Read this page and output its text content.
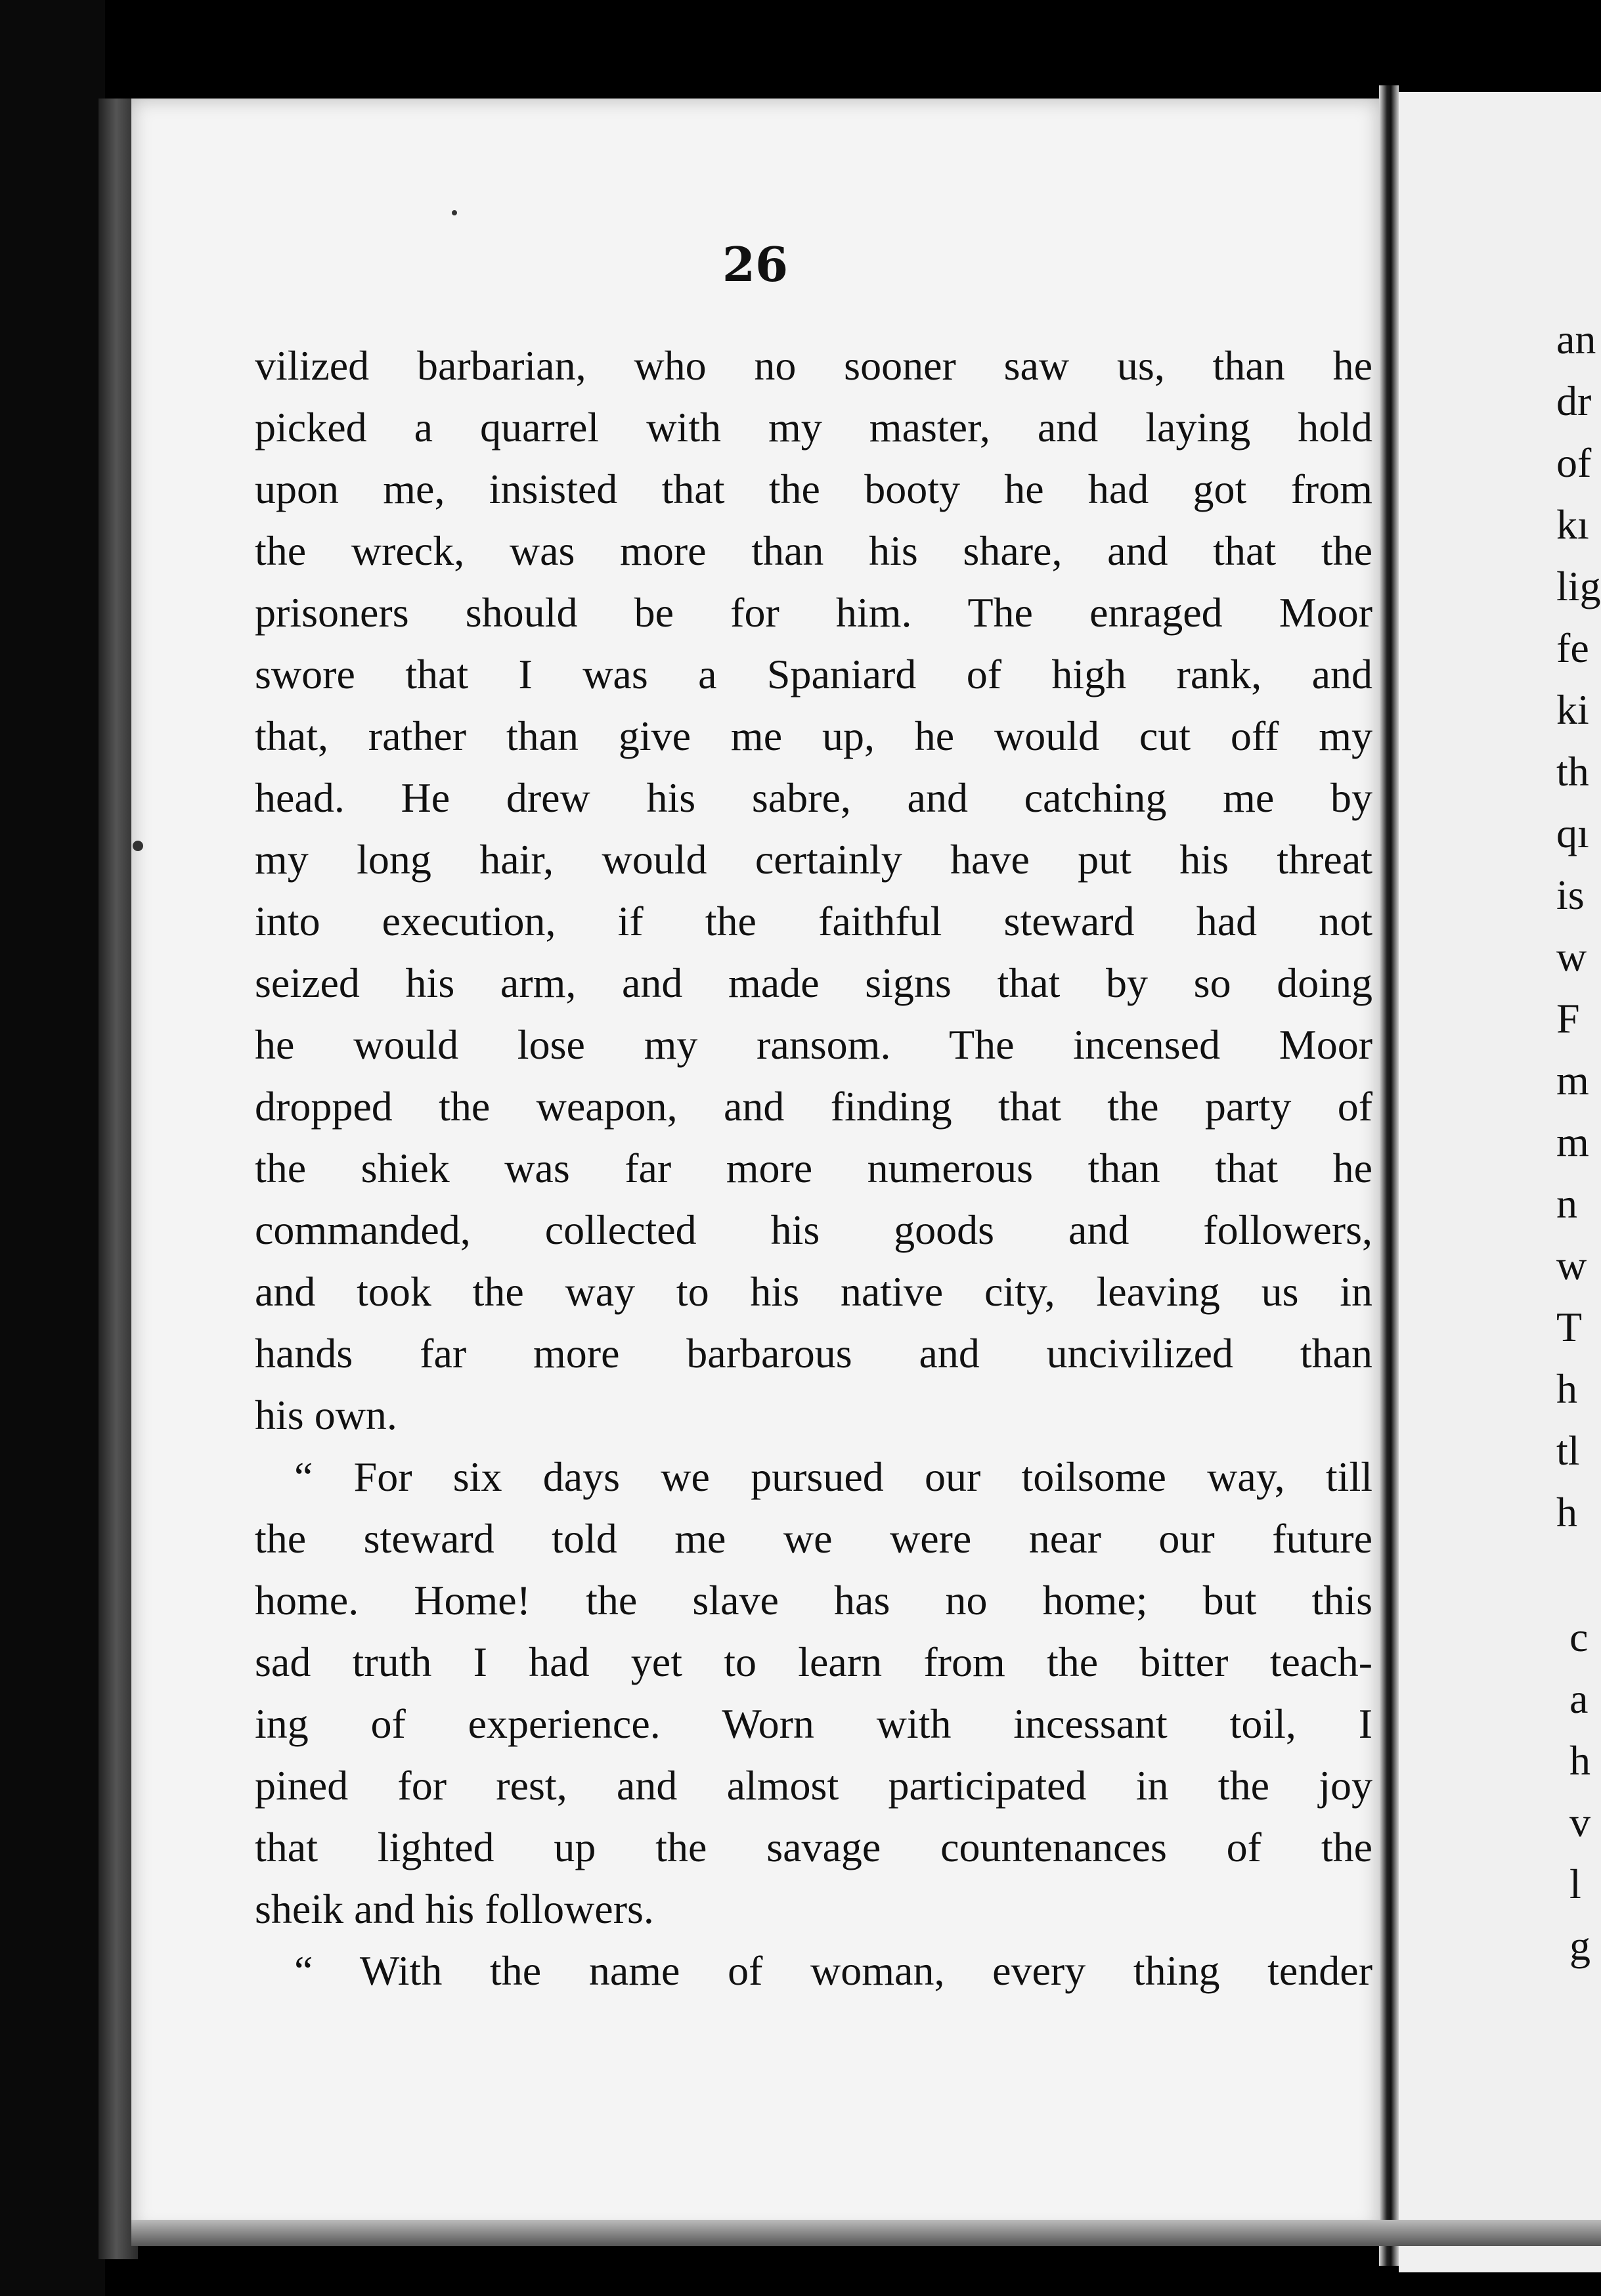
26
vilized barbarian, who no sooner saw us, than he
picked a quarrel with my master, and laying hold
upon me, insisted that the booty he had got from
the wreck, was more than his share, and that the
prisoners should be for him. The enraged Moor
swore that I was a Spaniard of high rank, and
that, rather than give me up, he would cut off my
head. He drew his sabre, and catching me by
my long hair, would certainly have put his threat
into execution, if the faithful steward had not
seized his arm, and made signs that by so doing
he would lose my ransom. The incensed Moor
dropped the weapon, and finding that the party of
the shiek was far more numerous than that he
commanded, collected his goods and followers,
and took the way to his native city, leaving us in
hands far more barbarous and uncivilized than
his own.
“ For six days we pursued our toilsome way, till
the steward told me we were near our future
home. Home! the slave has no home; but this
sad truth I had yet to learn from the bitter teach-
ing of experience. Worn with incessant toil, I
pined for rest, and almost participated in the joy
that lighted up the savage countenances of the
sheik and his followers.
“ With the name of woman, every thing tender
an
dr
of
kı
lig
fe
ki
th
qı
is
w
F
m
m
n
w
T
h
tl
h
c
a
h
v
l
g
